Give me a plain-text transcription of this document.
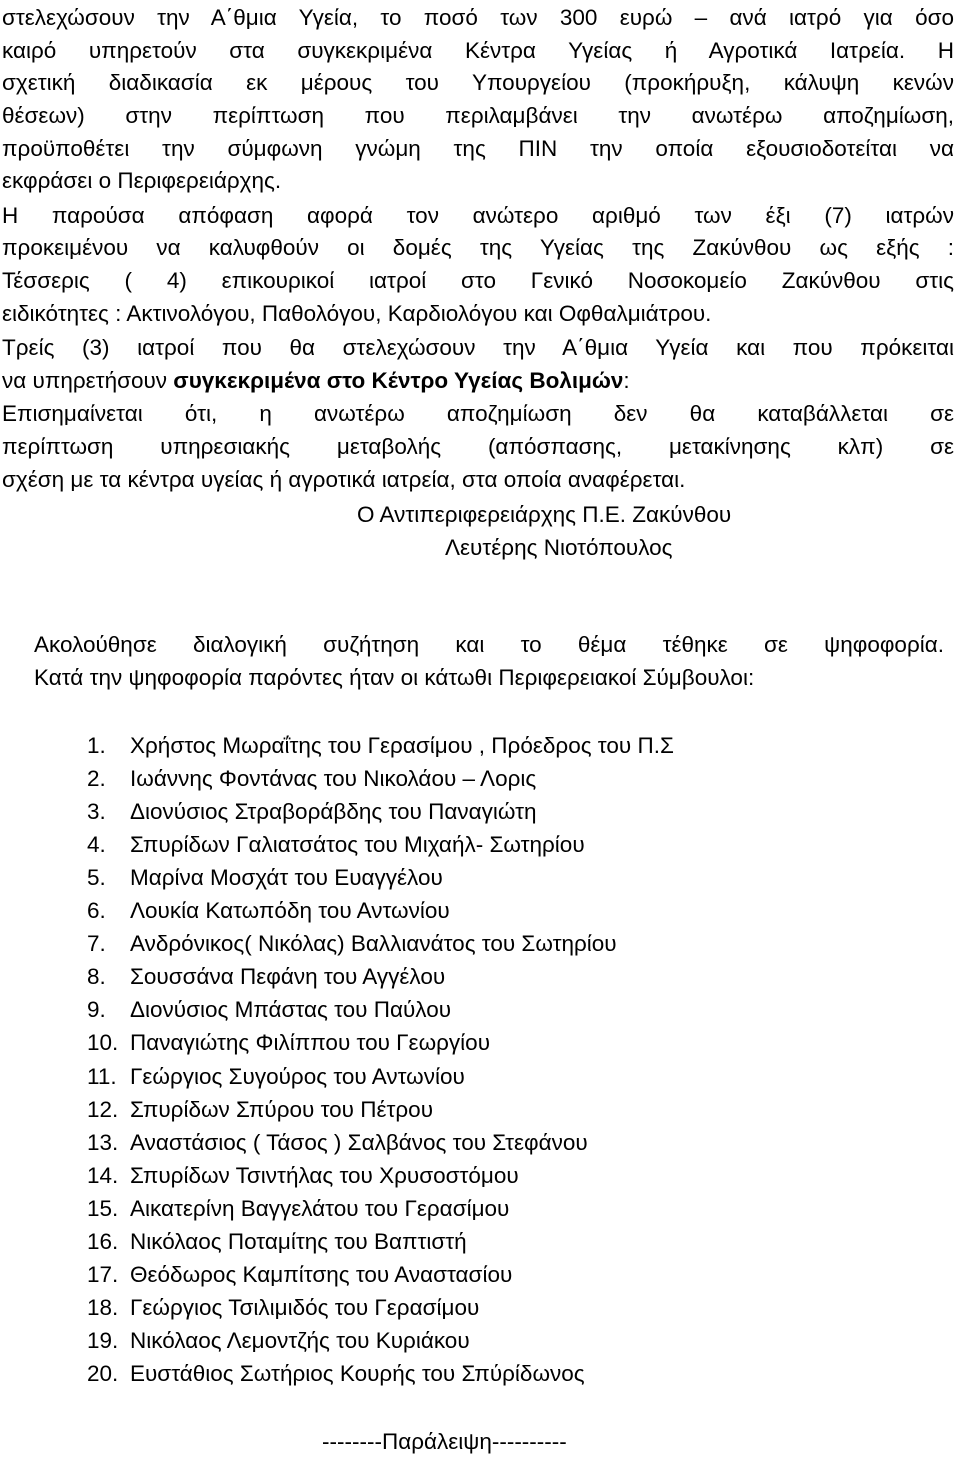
στελεχώσουν την Α΄θμια Υγεία, το ποσό των 300 ευρώ – ανά ιατρό για όσο
καιρό υπηρετούν στα συγκεκριμένα Κέντρα Υγείας ή Αγροτικά Ιατρεία. Η
σχετική διαδικασία εκ μέρους του Υπουργείου (προκήρυξη, κάλυψη κενών
θέσεων) στην περίπτωση που περιλαμβάνει την ανωτέρω αποζημίωση,
προϋποθέτει την σύμφωνη γνώμη της ΠΙΝ την οποία εξουσιοδοτείται να
εκφράσει ο Περιφερειάρχης.
Η παρούσα απόφαση αφορά τον ανώτερο αριθμό των έξι (7) ιατρών
προκειμένου να καλυφθούν οι δομές της Υγείας της Ζακύνθου ως εξής :
Τέσσερις ( 4) επικουρικοί ιατροί στο Γενικό Νοσοκομείο Ζακύνθου στις
ειδικότητες : Ακτινολόγου, Παθολόγου, Καρδιολόγου και Οφθαλμιάτρου.
Τρείς (3) ιατροί που θα στελεχώσουν την Α΄θμια Υγεία και που πρόκειται
να υπηρετήσουν συγκεκριμένα στο Κέντρο Υγείας Βολιμών:
Επισημαίνεται ότι, η ανωτέρω αποζημίωση δεν θα καταβάλλεται σε
περίπτωση υπηρεσιακής μεταβολής (απόσπασης, μετακίνησης κλπ) σε
σχέση με τα κέντρα υγείας ή αγροτικά ιατρεία, στα οποία αναφέρεται.
Ο Αντιπεριφερειάρχης Π.Ε. Ζακύνθου
Λευτέρης Νιοτόπουλος
Ακολούθησε διαλογική συζήτηση και το θέμα τέθηκε σε ψηφοφορία.
Κατά την ψηφοφορία παρόντες ήταν οι κάτωθι Περιφερειακοί Σύμβουλοι:
1. Χρήστος Μωραΐτης του Γερασίμου , Πρόεδρος του Π.Σ
2. Ιωάννης Φοντάνας του Νικολάου – Λορις
3. Διονύσιος Στραβοράβδης του Παναγιώτη
4. Σπυρίδων Γαλιατσάτος του Μιχαήλ- Σωτηρίου
5. Μαρίνα Μοσχάτ του Ευαγγέλου
6. Λουκία Κατωπόδη του Αντωνίου
7. Ανδρόνικος( Νικόλας) Βαλλιανάτος του Σωτηρίου
8. Σουσσάνα Πεφάνη του Αγγέλου
9. Διονύσιος Μπάστας του Παύλου
10. Παναγιώτης Φιλίππου του Γεωργίου
11. Γεώργιος Συγούρος του Αντωνίου
12. Σπυρίδων Σπύρου του Πέτρου
13. Αναστάσιος ( Τάσος ) Σαλβάνος του Στεφάνου
14. Σπυρίδων Τσιντήλας του Χρυσοστόμου
15. Αικατερίνη Βαγγελάτου του Γερασίμου
16. Νικόλαος Ποταμίτης του Βαπτιστή
17. Θεόδωρος Καμπίτσης του Αναστασίου
18. Γεώργιος Τσιλιμιδός του Γερασίμου
19. Νικόλαος Λεμοντζής του Κυριάκου
20. Ευστάθιος Σωτήριος Κουρής του Σπύρίδωνος
--------Παράλειψη----------
